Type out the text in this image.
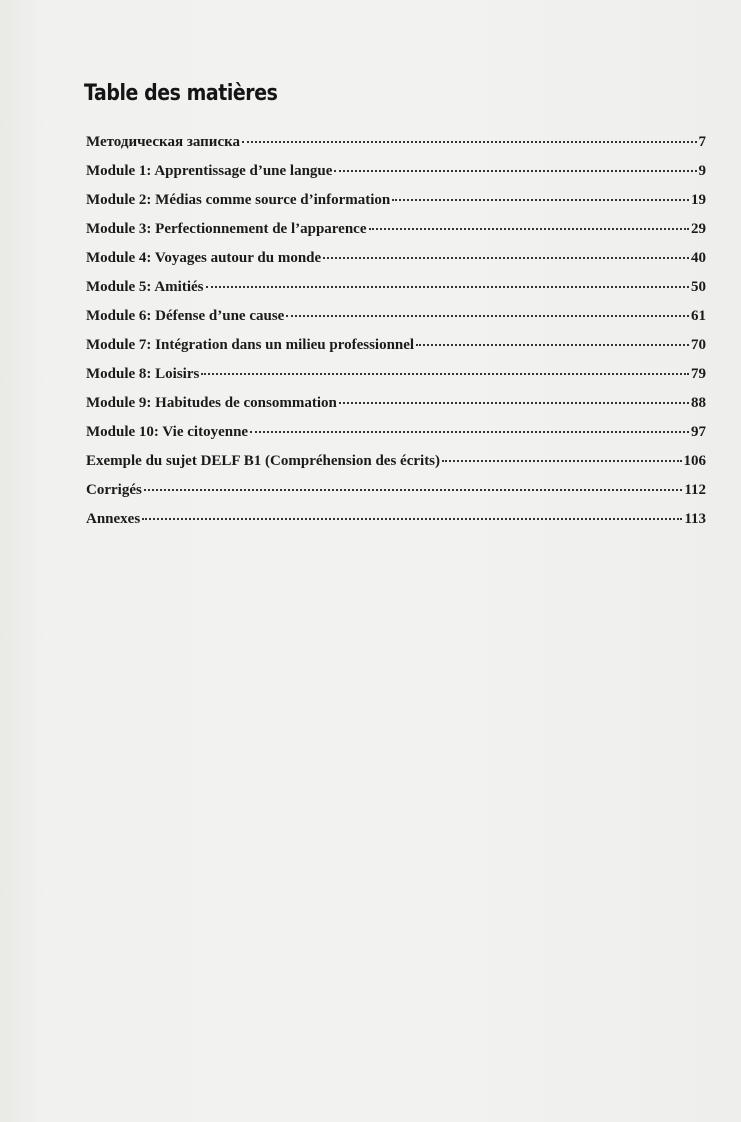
Table des matières
Методическая записка	7
Module 1: Apprentissage d’une langue	9
Module 2: Médias comme source d’information	19
Module 3: Perfectionnement de l’apparence	29
Module 4: Voyages autour du monde	40
Module 5: Amitiés	50
Module 6: Défense d’une cause	61
Module 7: Intégration dans un milieu professionnel	70
Module 8: Loisirs	79
Module 9: Habitudes de consommation	88
Module 10: Vie citoyenne	97
Exemple du sujet DELF B1 (Compréhension des écrits)	106
Corrigés	112
Annexes	113
